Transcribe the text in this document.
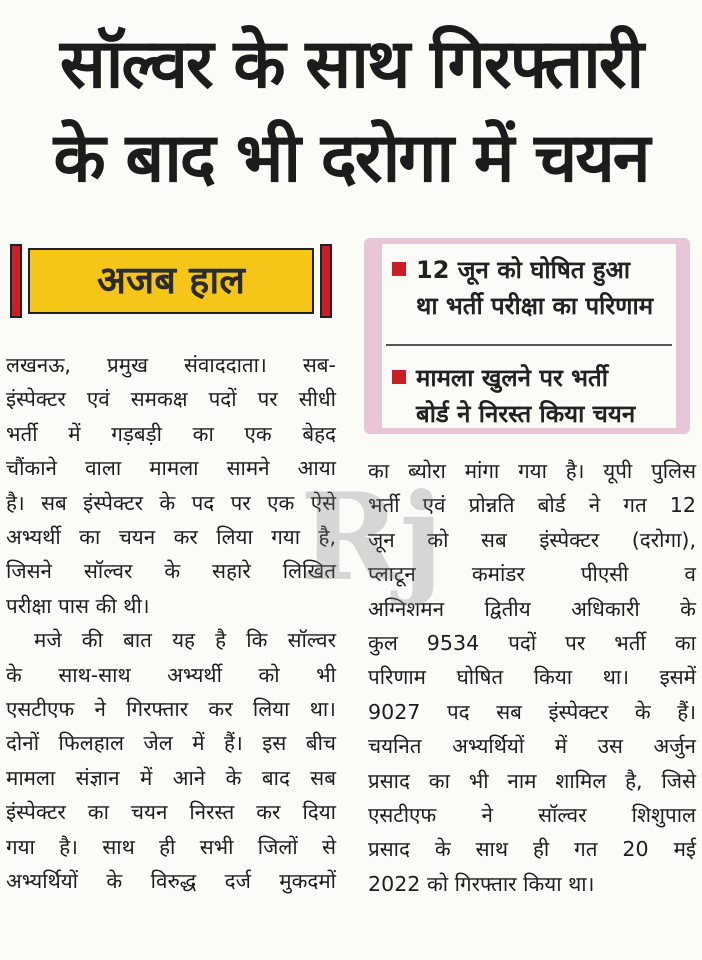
सॉल्वर के साथ गिरफ्तारी
के बाद भी दरोगा में चयन
अजब हाल	12 जून को घोषित हुआ
था भर्ती परीक्षा का परिणाम
मामला खुलने पर भर्ती
बोर्ड ने निरस्त किया चयन

लखनऊ, प्रमुख संवाददाता। सब-
इंस्पेक्टर एवं समकक्ष पदों पर सीधी
भर्ती में गड़बड़ी का एक बेहद
चौंकाने वाला मामला सामने आया
है। सब इंस्पेक्टर के पद पर एक ऐसे
अभ्यर्थी का चयन कर लिया गया है,
जिसने सॉल्वर के सहारे लिखित
परीक्षा पास की थी।

मजे की बात यह है कि सॉल्वर
के साथ-साथ अभ्यर्थी को भी
एसटीएफ ने गिरफ्तार कर लिया था।
दोनों फिलहाल जेल में हैं। इस बीच
मामला संज्ञान में आने के बाद सब
इंस्पेक्टर का चयन निरस्त कर दिया
गया है। साथ ही सभी जिलों से
अभ्यर्थियों के विरुद्ध दर्ज मुकदमों

का ब्योरा मांगा गया है। यूपी पुलिस
भर्ती एवं प्रोन्नति बोर्ड ने गत 12
जून को सब इंस्पेक्टर (दरोगा),
प्लाटून कमांडर पीएसी व
अग्निशमन द्वितीय अधिकारी के
कुल 9534 पदों पर भर्ती का
परिणाम घोषित किया था। इसमें
9027 पद सब इंस्पेक्टर के हैं।
चयनित अभ्यर्थियों में उस अर्जुन
प्रसाद का भी नाम शामिल है, जिसे
एसटीएफ ने सॉल्वर शिशुपाल
प्रसाद के साथ ही गत 20 मई
2022 को गिरफ्तार किया था।

Rj
